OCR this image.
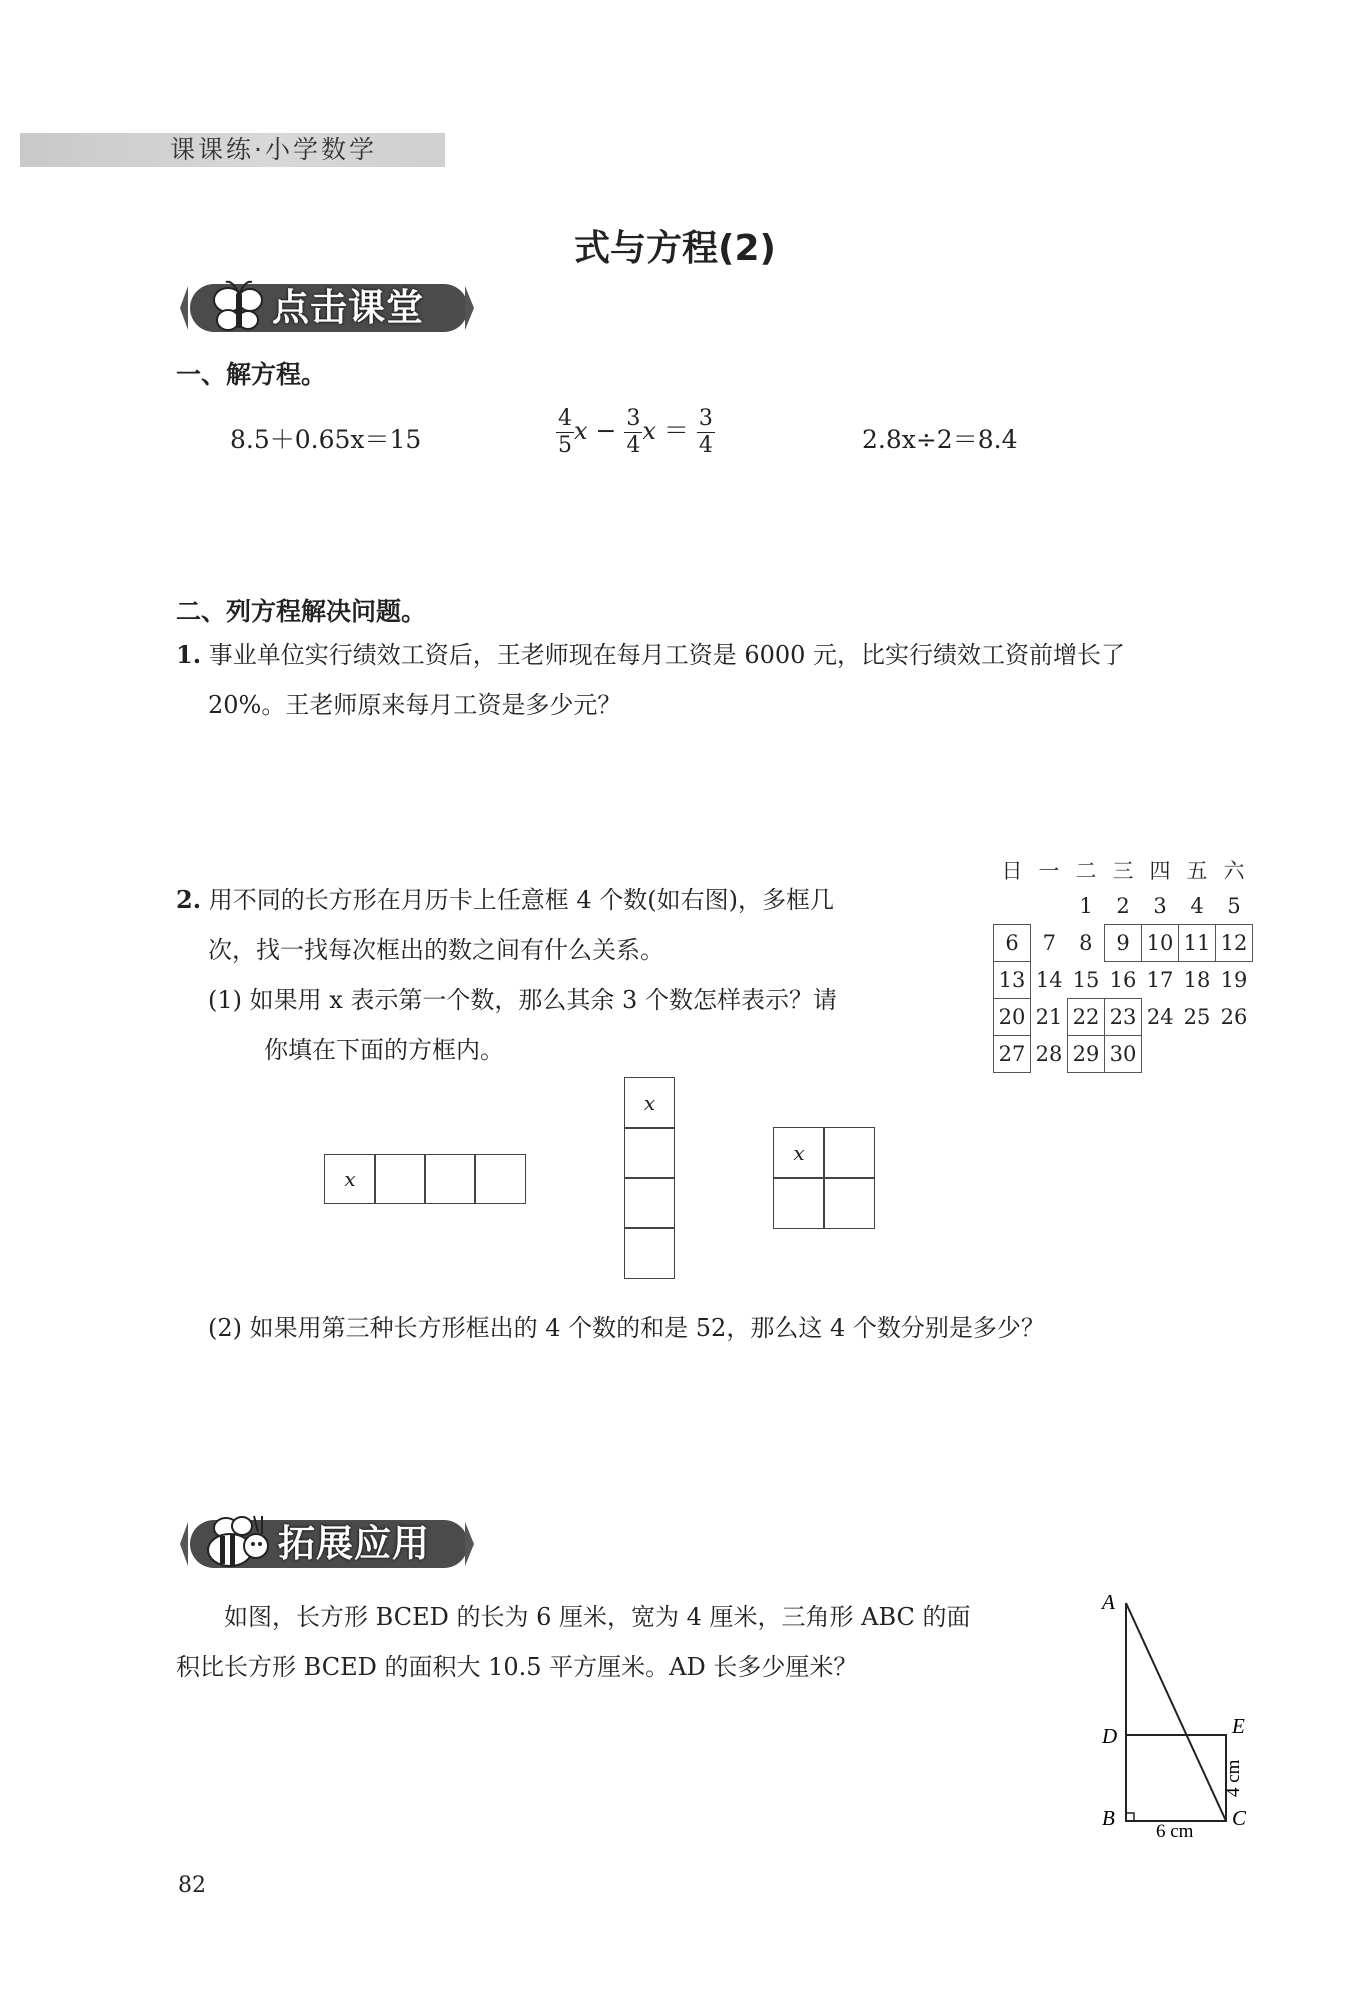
课课练·小学数学
式与方程(2)
点击课堂
一、解方程。
8.5＋0.65x＝15	$\frac{4}{5}$ $x - \frac{3}{4}$ $x = \frac{3}{4}$	2.8x÷2＝8.4
二、列方程解决问题。
1. 事业单位实行绩效工资后，王老师现在每月工资是 6000 元，比实行绩效工资前增长了
20%。王老师原来每月工资是多少元？
2. 用不同的长方形在月历卡上任意框 4 个数(如右图)，多框几
次，找一找每次框出的数之间有什么关系。
(1) 如果用 x 表示第一个数，那么其余 3 个数怎样表示？请
你填在下面的方框内。
日	一	二	三	四	五	六
		1	2	3	4	5
6	7	8	9	10	11	12
13	14	15	16	17	18	19
20	21	22	23	24	25	26
27	28	29	30			
x
x
x
(2) 如果用第三种长方形框出的 4 个数的和是 52，那么这 4 个数分别是多少？
拓展应用
如图，长方形 BCED 的长为 6 厘米，宽为 4 厘米，三角形 ABC 的面
积比长方形 BCED 的面积大 10.5 平方厘米。AD 长多少厘米？
A
D
B
E
C
6 cm
4 cm
82
